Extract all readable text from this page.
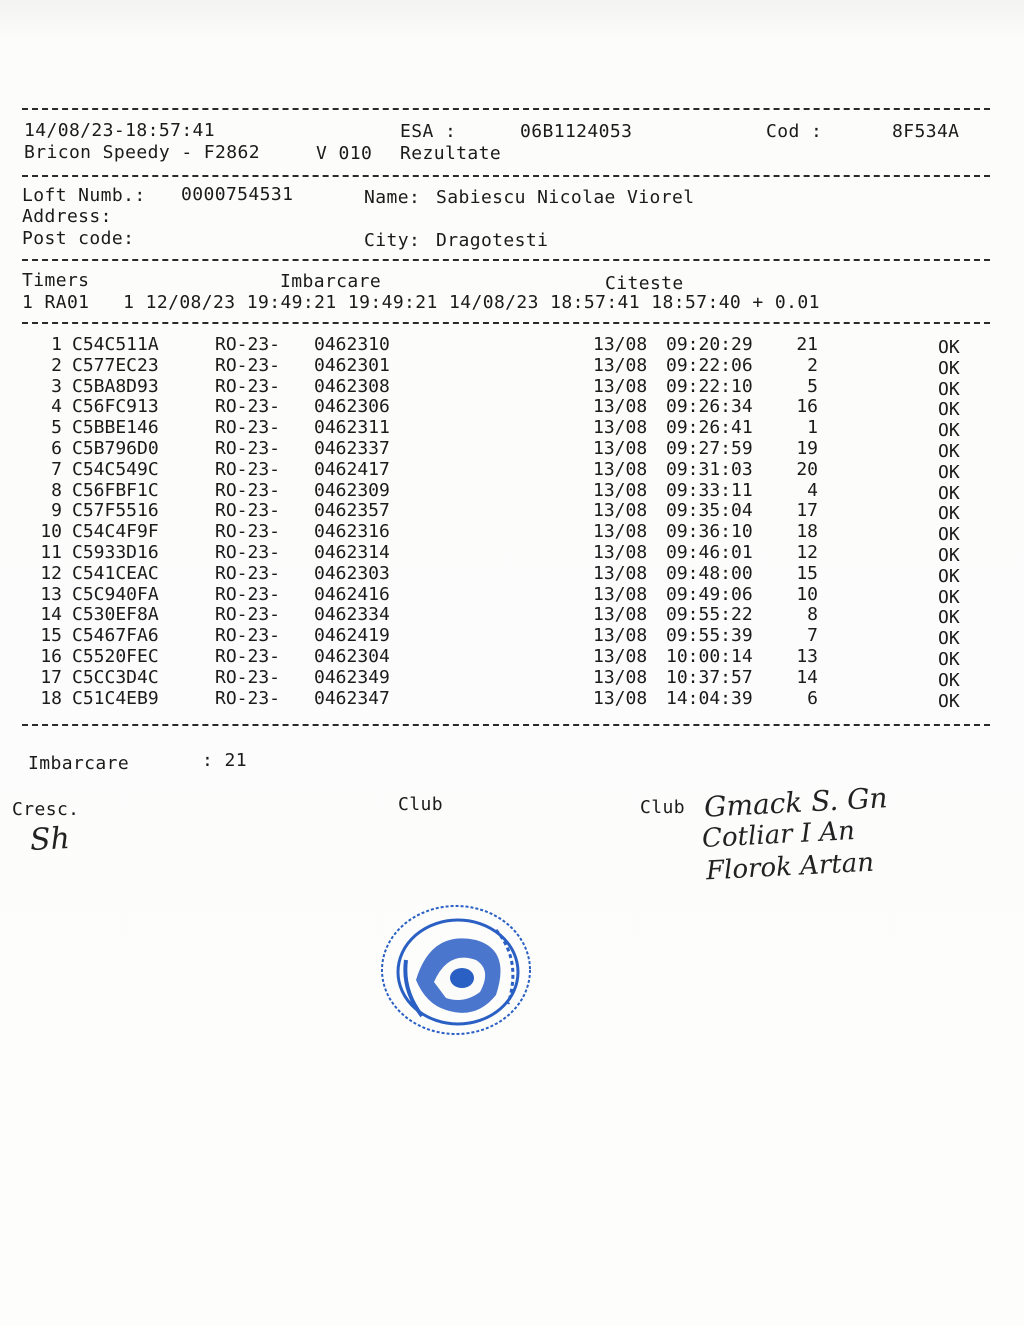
14/08/23-18:57:41	ESA :	06B1124053	Cod :	8F534A
Bricon Speedy - F2862	V 010 Rezultate
Loft Numb.: 0000754531	Name: Sabiescu Nicolae Viorel
Address:
Post code:	City: Dragotesti
Timers	Imbarcare	Citeste
1 RA01   1 12/08/23 19:49:21 19:49:21 14/08/23 18:57:41 18:57:40 + 0.01
1 C54C511A	RO-23- 0462310	13/08 09:20:29	21	OK
2 C577EC23	RO-23- 0462301	13/08 09:22:06	2	OK
3 C5BA8D93	RO-23- 0462308	13/08 09:22:10	5	OK
4 C56FC913	RO-23- 0462306	13/08 09:26:34	16	OK
5 C5BBE146	RO-23- 0462311	13/08 09:26:41	1	OK
6 C5B796D0	RO-23- 0462337	13/08 09:27:59	19	OK
7 C54C549C	RO-23- 0462417	13/08 09:31:03	20	OK
8 C56FBF1C	RO-23- 0462309	13/08 09:33:11	4	OK
9 C57F5516	RO-23- 0462357	13/08 09:35:04	17	OK
10 C54C4F9F	RO-23- 0462316	13/08 09:36:10	18	OK
11 C5933D16	RO-23- 0462314	13/08 09:46:01	12	OK
12 C541CEAC	RO-23- 0462303	13/08 09:48:00	15	OK
13 C5C940FA	RO-23- 0462416	13/08 09:49:06	10	OK
14 C530EF8A	RO-23- 0462334	13/08 09:55:22	8	OK
15 C5467FA6	RO-23- 0462419	13/08 09:55:39	7	OK
16 C5520FEC	RO-23- 0462304	13/08 10:00:14	13	OK
17 C5CC3D4C	RO-23- 0462349	13/08 10:37:57	14	OK
18 C51C4EB9	RO-23- 0462347	13/08 14:04:39	6	OK
Imbarcare	: 21
Cresc.	Club	Club
Sh
Gmack S. Gn
Cotliar I An
Florok Artan
